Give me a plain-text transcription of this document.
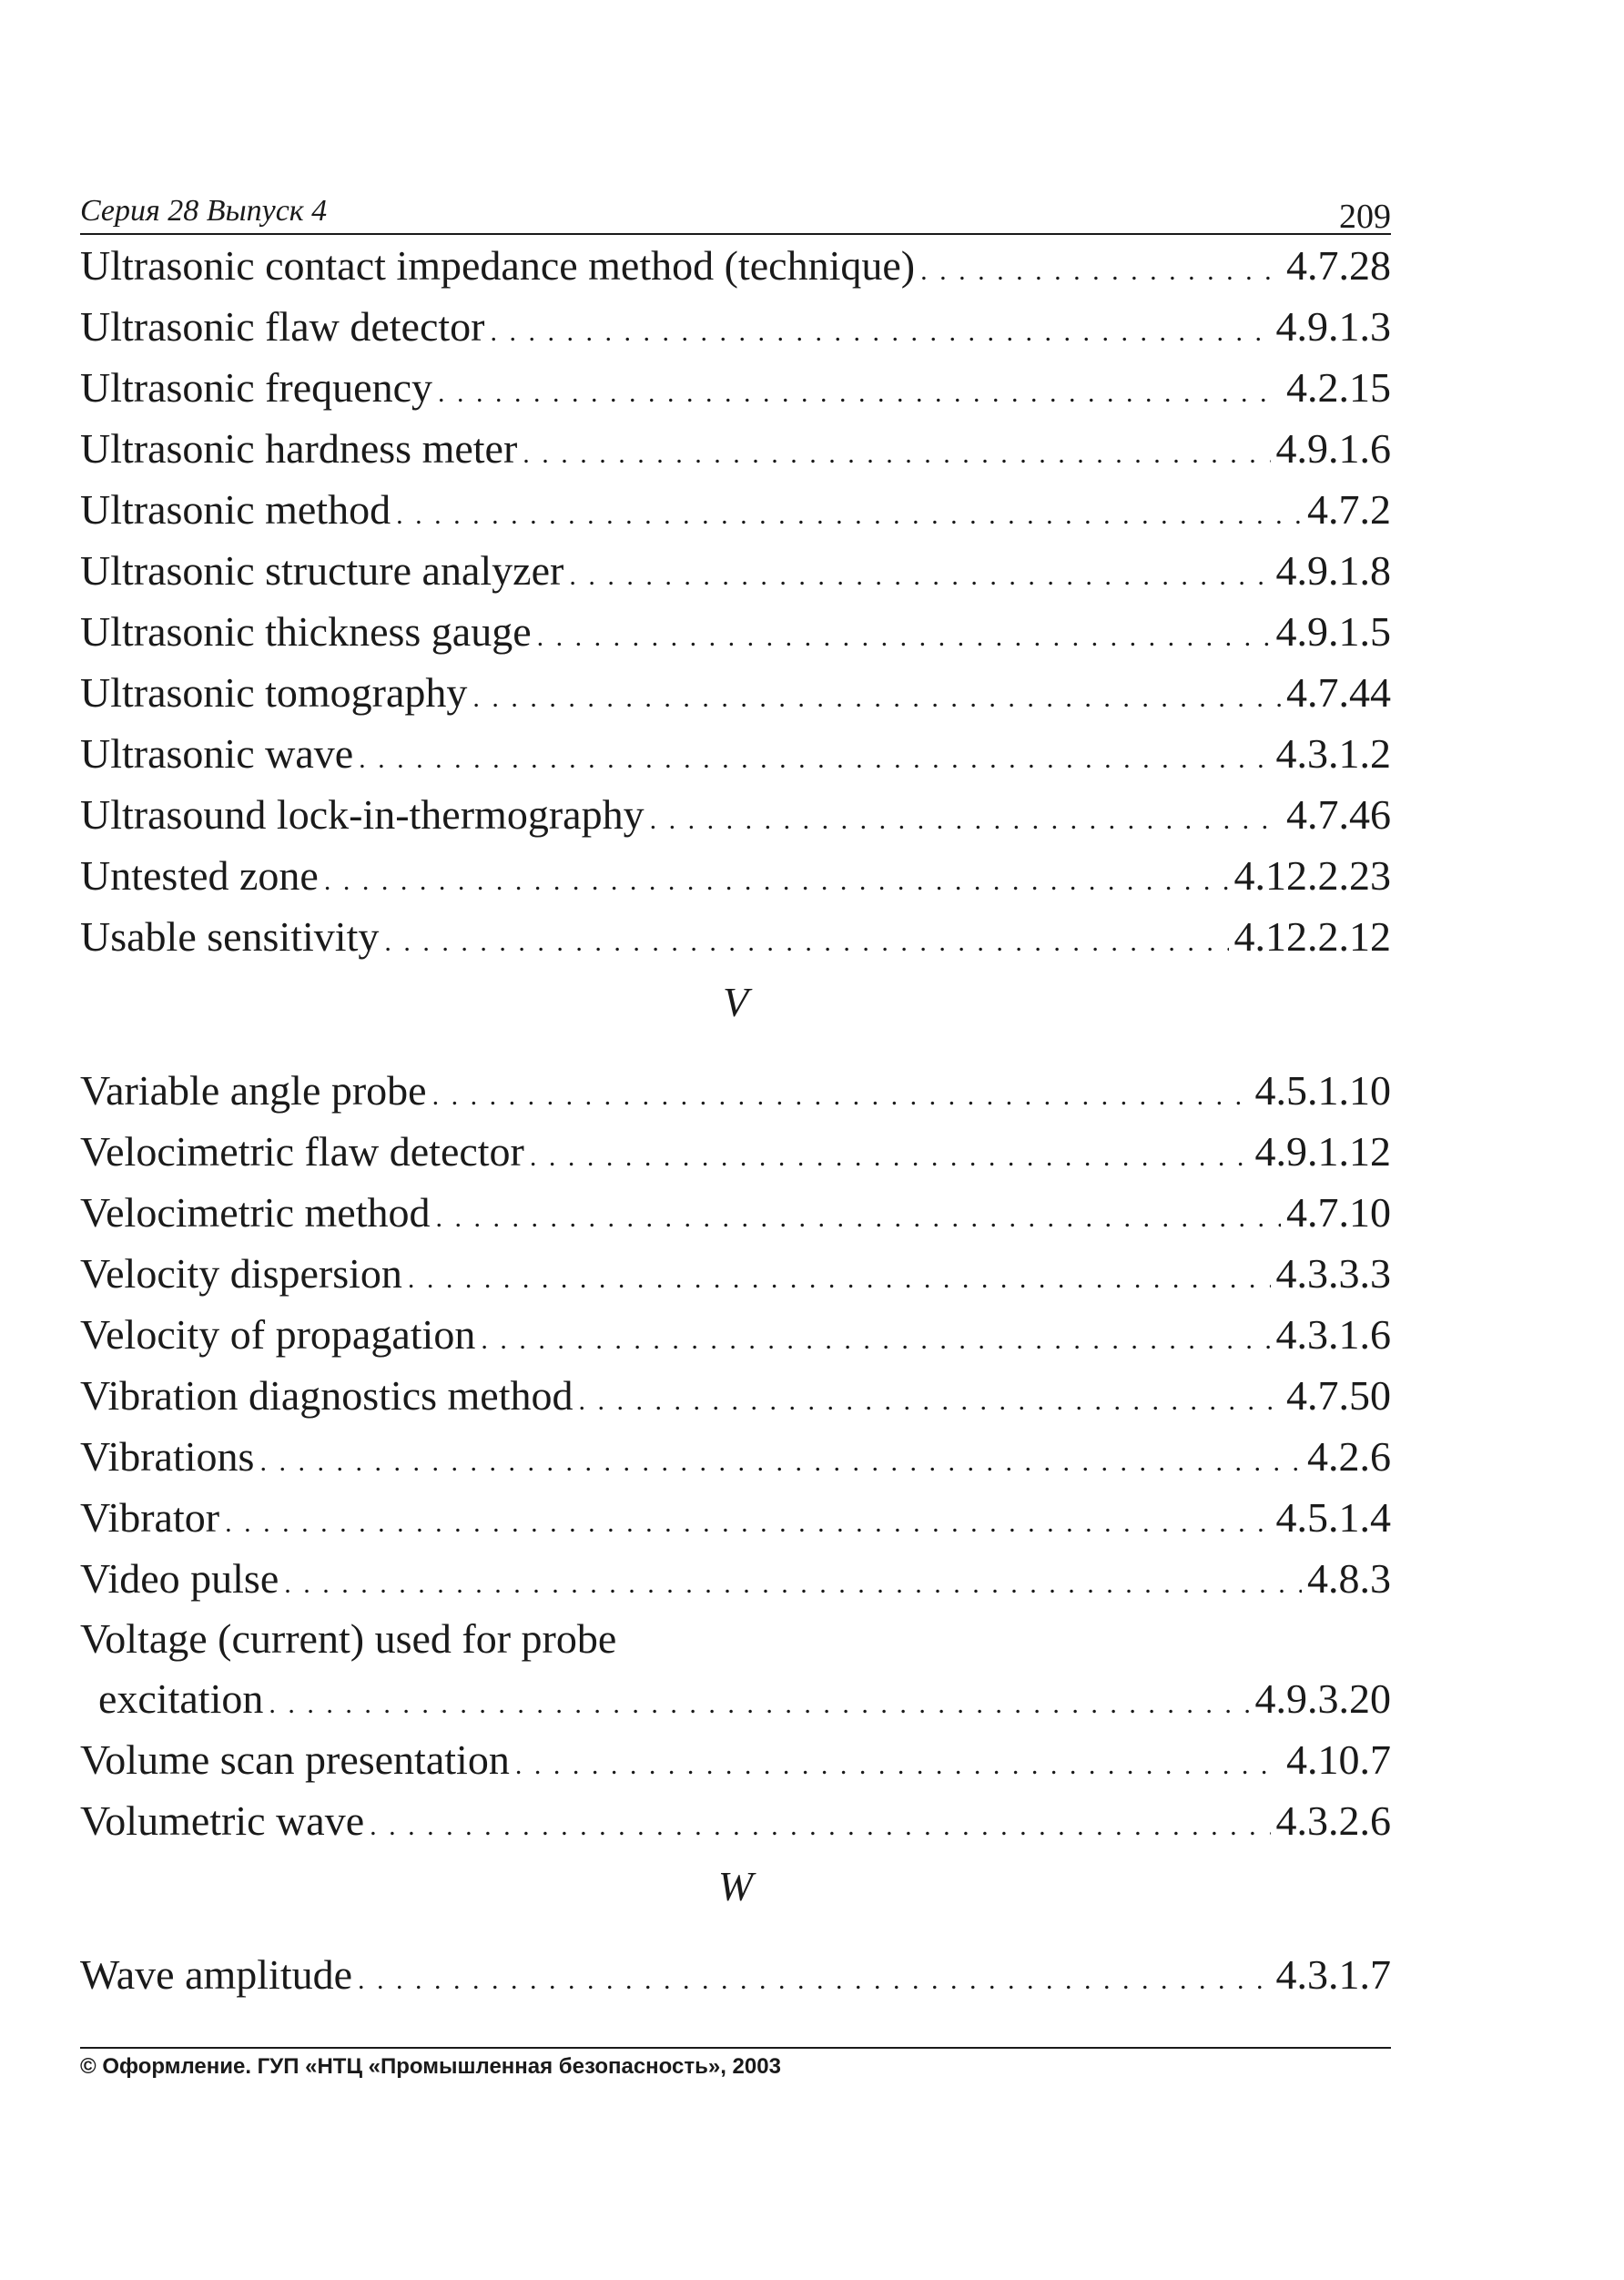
Серия 28 Выпуск 4	209
Ultrasonic contact impedance method (technique) . . .	4.7.28
Ultrasonic flaw detector . . .	4.9.1.3
Ultrasonic frequency . . .	4.2.15
Ultrasonic hardness meter . . .	4.9.1.6
Ultrasonic method . . .	4.7.2
Ultrasonic structure analyzer . . .	4.9.1.8
Ultrasonic thickness gauge . . .	4.9.1.5
Ultrasonic tomography . . .	4.7.44
Ultrasonic wave . . .	4.3.1.2
Ultrasound lock-in-thermography . . .	4.7.46
Untested zone . . .	4.12.2.23
Usable sensitivity . . .	4.12.2.12
V
Variable angle probe . . .	4.5.1.10
Velocimetric flaw detector . . .	4.9.1.12
Velocimetric method . . .	4.7.10
Velocity dispersion . . .	4.3.3.3
Velocity of propagation . . .	4.3.1.6
Vibration diagnostics method . . .	4.7.50
Vibrations . . .	4.2.6
Vibrator . . .	4.5.1.4
Video pulse . . .	4.8.3
Voltage (current) used for probe
excitation . . .	4.9.3.20
Volume scan presentation . . .	4.10.7
Volumetric wave . . .	4.3.2.6
W
Wave amplitude . . .	4.3.1.7
© Оформление. ГУП «НТЦ «Промышленная безопасность», 2003
